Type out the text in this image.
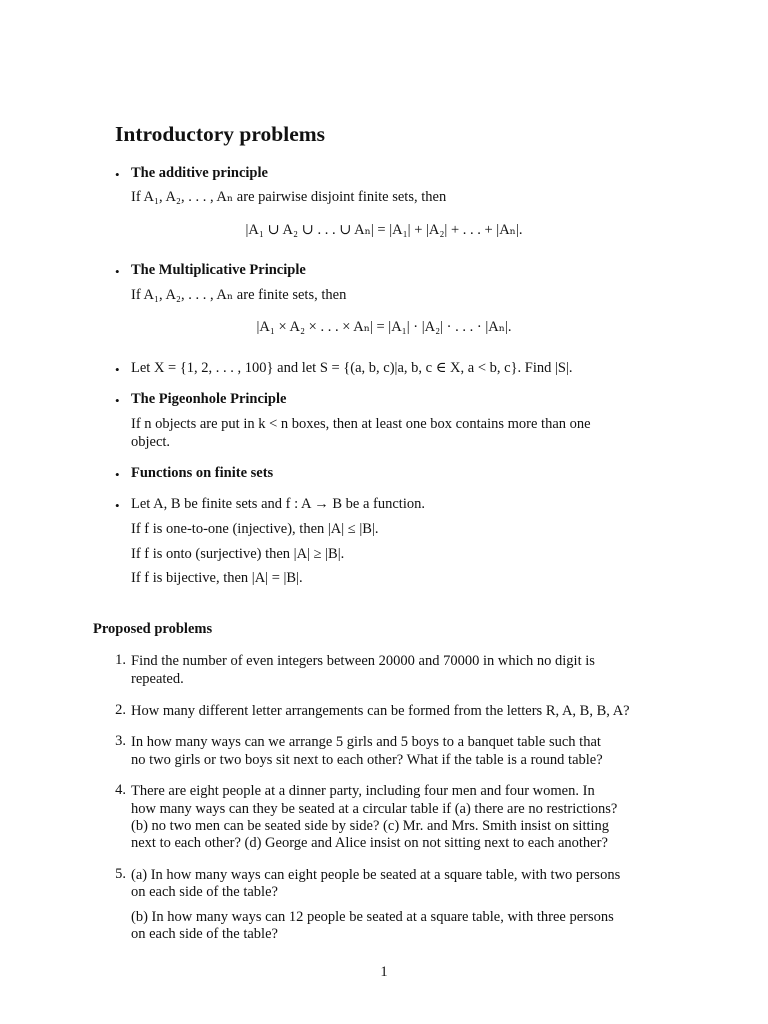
Introductory problems
• The additive principle
If A₁, A₂, . . . , Aₙ are pairwise disjoint finite sets, then
|A₁ ∪ A₂ ∪ . . . ∪ Aₙ| = |A₁| + |A₂| + . . . + |Aₙ|.
• The Multiplicative Principle
If A₁, A₂, . . . , Aₙ are finite sets, then
|A₁ × A₂ × . . . × Aₙ| = |A₁| · |A₂| · . . . · |Aₙ|.
• Let X = {1, 2, . . . , 100} and let S = {(a, b, c)|a, b, c ∈ X, a < b, c}. Find |S|.
• The Pigeonhole Principle
If n objects are put in k < n boxes, then at least one box contains more than one
object.
• Functions on finite sets
• Let A, B be finite sets and f : A → B be a function.
If f is one-to-one (injective), then |A| ≤ |B|.
If f is onto (surjective) then |A| ≥ |B|.
If f is bijective, then |A| = |B|.
Proposed problems
1. Find the number of even integers between 20000 and 70000 in which no digit is
repeated.
2. How many different letter arrangements can be formed from the letters R, A, B, B, A?
3. In how many ways can we arrange 5 girls and 5 boys to a banquet table such that
no two girls or two boys sit next to each other? What if the table is a round table?
4. There are eight people at a dinner party, including four men and four women. In
how many ways can they be seated at a circular table if (a) there are no restrictions?
(b) no two men can be seated side by side? (c) Mr. and Mrs. Smith insist on sitting
next to each other? (d) George and Alice insist on not sitting next to each another?
5. (a) In how many ways can eight people be seated at a square table, with two persons
on each side of the table?
(b) In how many ways can 12 people be seated at a square table, with three persons
on each side of the table?
1
